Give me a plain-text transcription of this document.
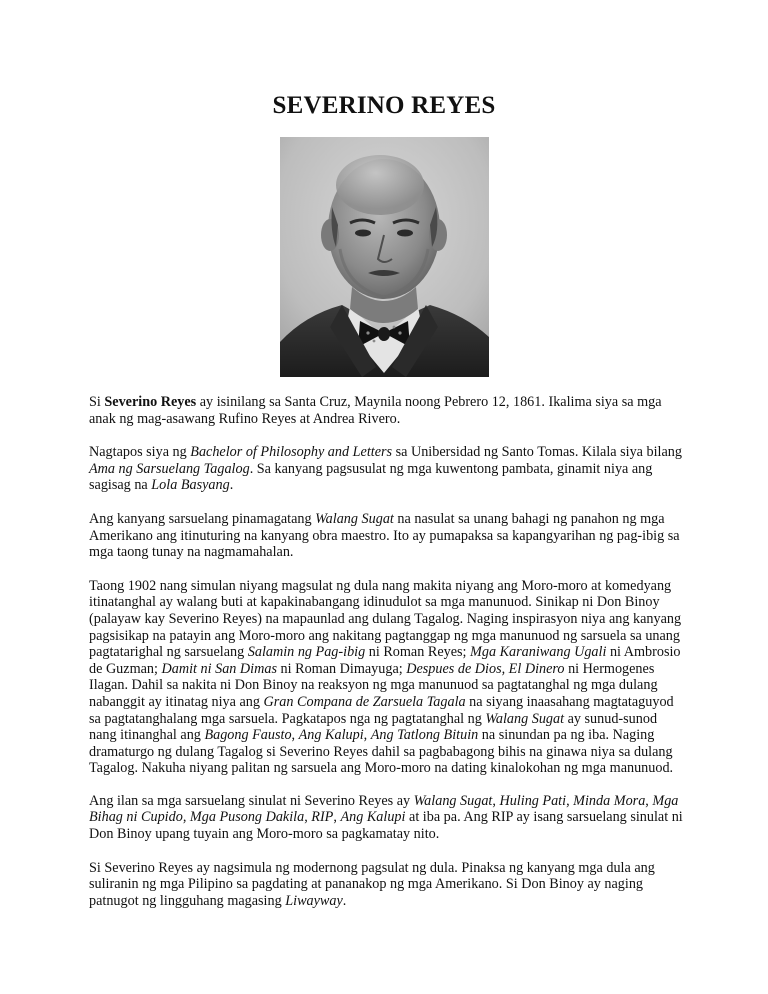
SEVERINO REYES

Si Severino Reyes ay isinilang sa Santa Cruz, Maynila noong Pebrero 12, 1861. Ikalima siya sa mga anak ng mag-asawang Rufino Reyes at Andrea Rivero.

Nagtapos siya ng Bachelor of Philosophy and Letters sa Unibersidad ng Santo Tomas. Kilala siya bilang Ama ng Sarsuelang Tagalog. Sa kanyang pagsusulat ng mga kuwentong pambata, ginamit niya ang sagisag na Lola Basyang.

Ang kanyang sarsuelang pinamagatang Walang Sugat na nasulat sa unang bahagi ng panahon ng mga Amerikano ang itinuturing na kanyang obra maestro. Ito ay pumapaksa sa kapangyarihan ng pag-ibig sa mga taong tunay na nagmamahalan.

Taong 1902 nang simulan niyang magsulat ng dula nang makita niyang ang Moro-moro at komedyang itinatanghal ay walang buti at kapakinabangang idinudulot sa mga manunuod. Sinikap ni Don Binoy (palayaw kay Severino Reyes) na mapaunlad ang dulang Tagalog. Naging inspirasyon niya ang kanyang pagsisikap na patayin ang Moro-moro ang nakitang pagtanggap ng mga manunuod ng sarsuela sa unang pagtatarighal ng sarsuelang Salamin ng Pag-ibig ni Roman Reyes; Mga Karaniwang Ugali ni Ambrosio de Guzman; Damit ni San Dimas ni Roman Dimayuga; Despues de Dios, El Dinero ni Hermogenes Ilagan. Dahil sa nakita ni Don Binoy na reaksyon ng mga manunuod sa pagtatanghal ng mga dulang nabanggit ay itinatag niya ang Gran Compana de Zarsuela Tagala na siyang inaasahang magtataguyod sa pagtatanghalang mga sarsuela. Pagkatapos nga ng pagtatanghal ng Walang Sugat ay sunud-sunod nang itinanghal ang Bagong Fausto, Ang Kalupi, Ang Tatlong Bituin na sinundan pa ng iba. Naging dramaturgo ng dulang Tagalog si Severino Reyes dahil sa pagbabagong bihis na ginawa niya sa dulang Tagalog. Nakuha niyang palitan ng sarsuela ang Moro-moro na dating kinalokohan ng mga manunuod.

Ang ilan sa mga sarsuelang sinulat ni Severino Reyes ay Walang Sugat, Huling Pati, Minda Mora, Mga Bihag ni Cupido, Mga Pusong Dakila, RIP, Ang Kalupi at iba pa. Ang RIP ay isang sarsuelang sinulat ni Don Binoy upang tuyain ang Moro-moro sa pagkamatay nito.

Si Severino Reyes ay nagsimula ng modernong pagsulat ng dula. Pinaksa ng kanyang mga dula ang suliranin ng mga Pilipino sa pagdating at pananakop ng mga Amerikano. Si Don Binoy ay naging patnugot ng lingguhang magasing Liwayway.
